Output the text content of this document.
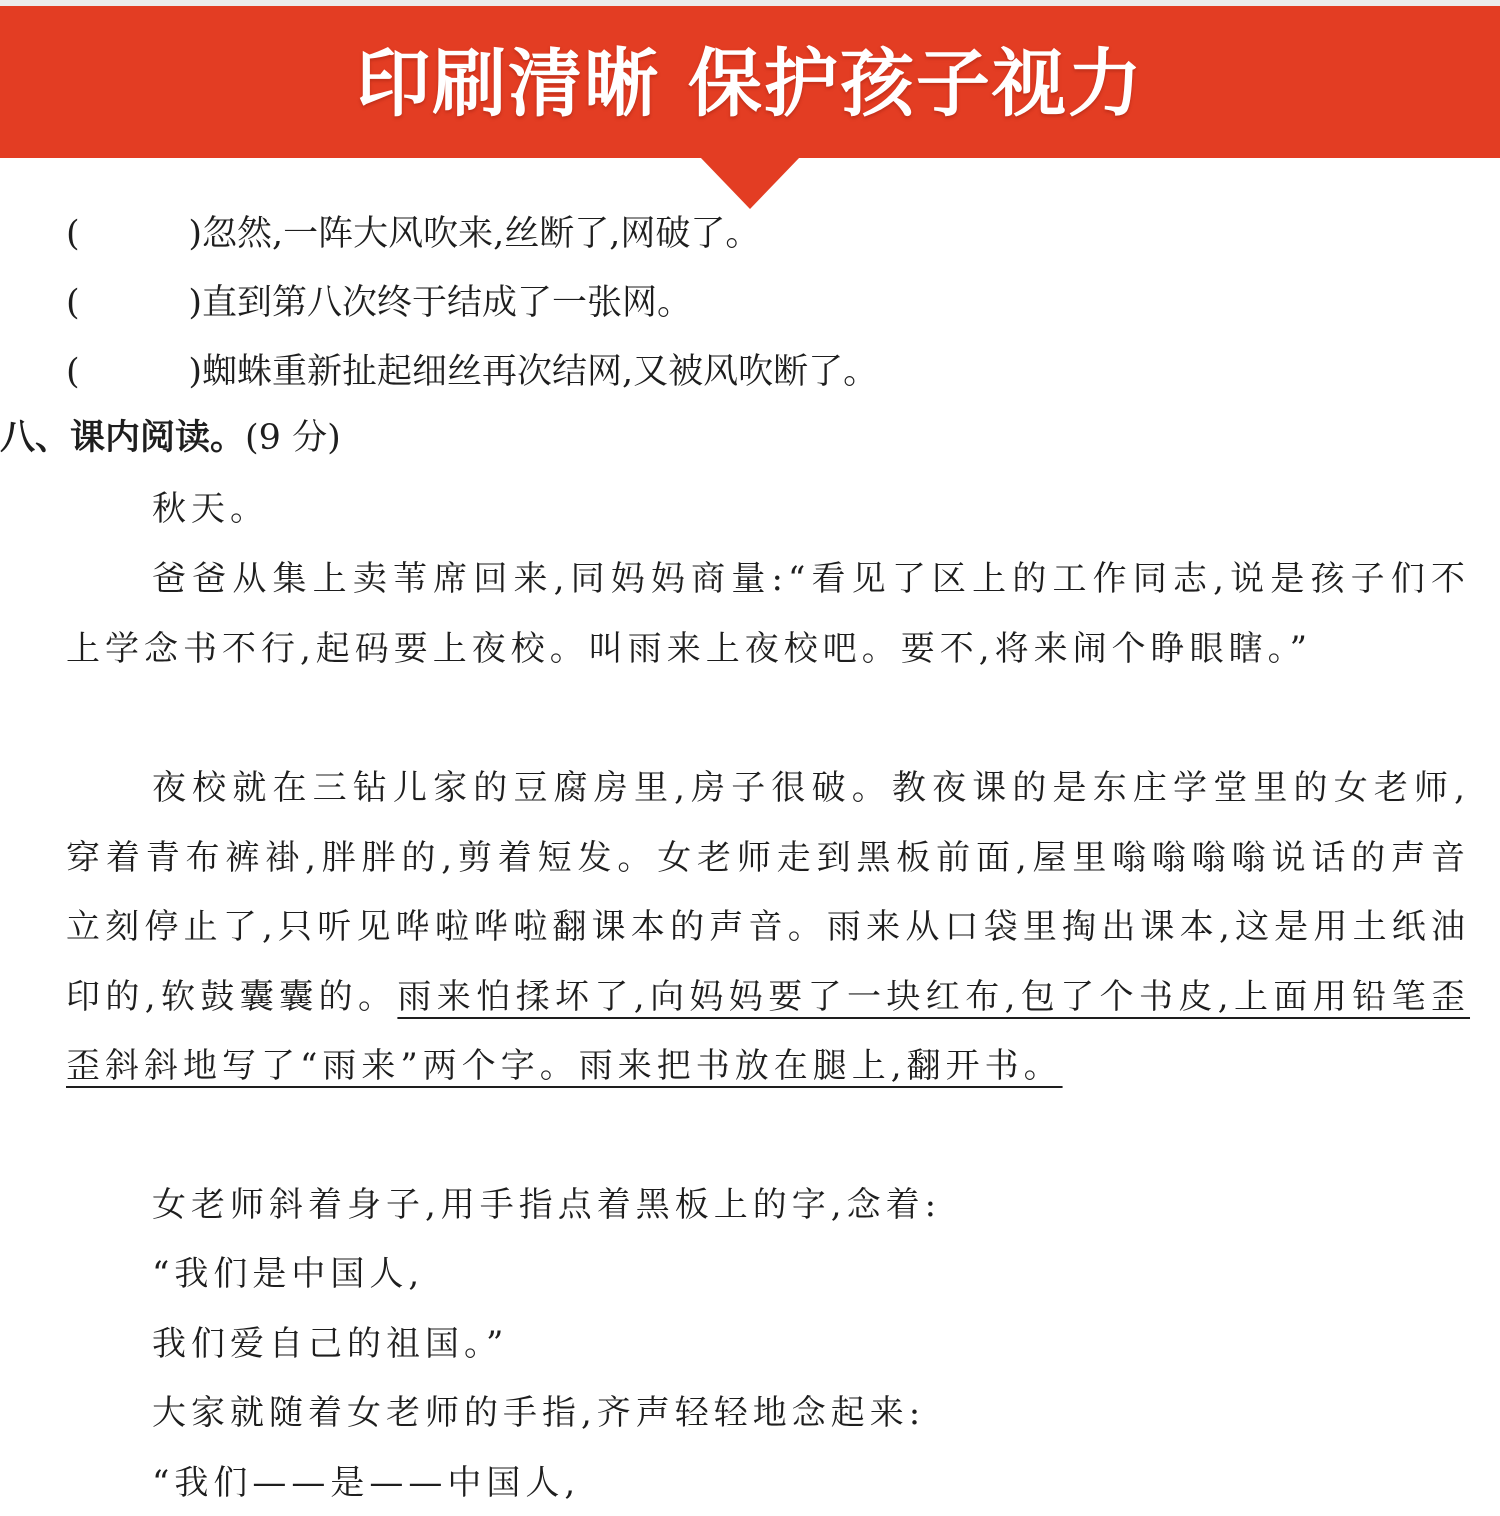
印刷清晰 保护孩子视力
(	) 忽然,一阵大风吹来,丝断了,网破了。
(	) 直到第八次终于结成了一张网。
(	) 蜘蛛重新扯起细丝再次结网,又被风吹断了。
八、课内阅读。(9 分)
秋天。
爸爸从集上卖苇席回来,同妈妈商量:“看见了区上的工作同志,说是孩子们不上学念书不行,起码要上夜校。叫雨来上夜校吧。要不,将来闹个睁眼瞎。”
夜校就在三钻儿家的豆腐房里,房子很破。教夜课的是东庄学堂里的女老师,穿着青布裤褂,胖胖的,剪着短发。女老师走到黑板前面,屋里嗡嗡嗡嗡说话的声音立刻停止了,只听见哗啦哗啦翻课本的声音。雨来从口袋里掏出课本,这是用土纸油印的,软鼓囊囊的。雨来怕揉坏了,向妈妈要了一块红布,包了个书皮,上面用铅笔歪歪斜斜地写了“雨来”两个字。雨来把书放在腿上,翻开书。
女老师斜着身子,用手指点着黑板上的字,念着:
“我们是中国人,
我们爱自己的祖国。”
大家就随着女老师的手指,齐声轻轻地念起来:
“我们——是——中国人,
